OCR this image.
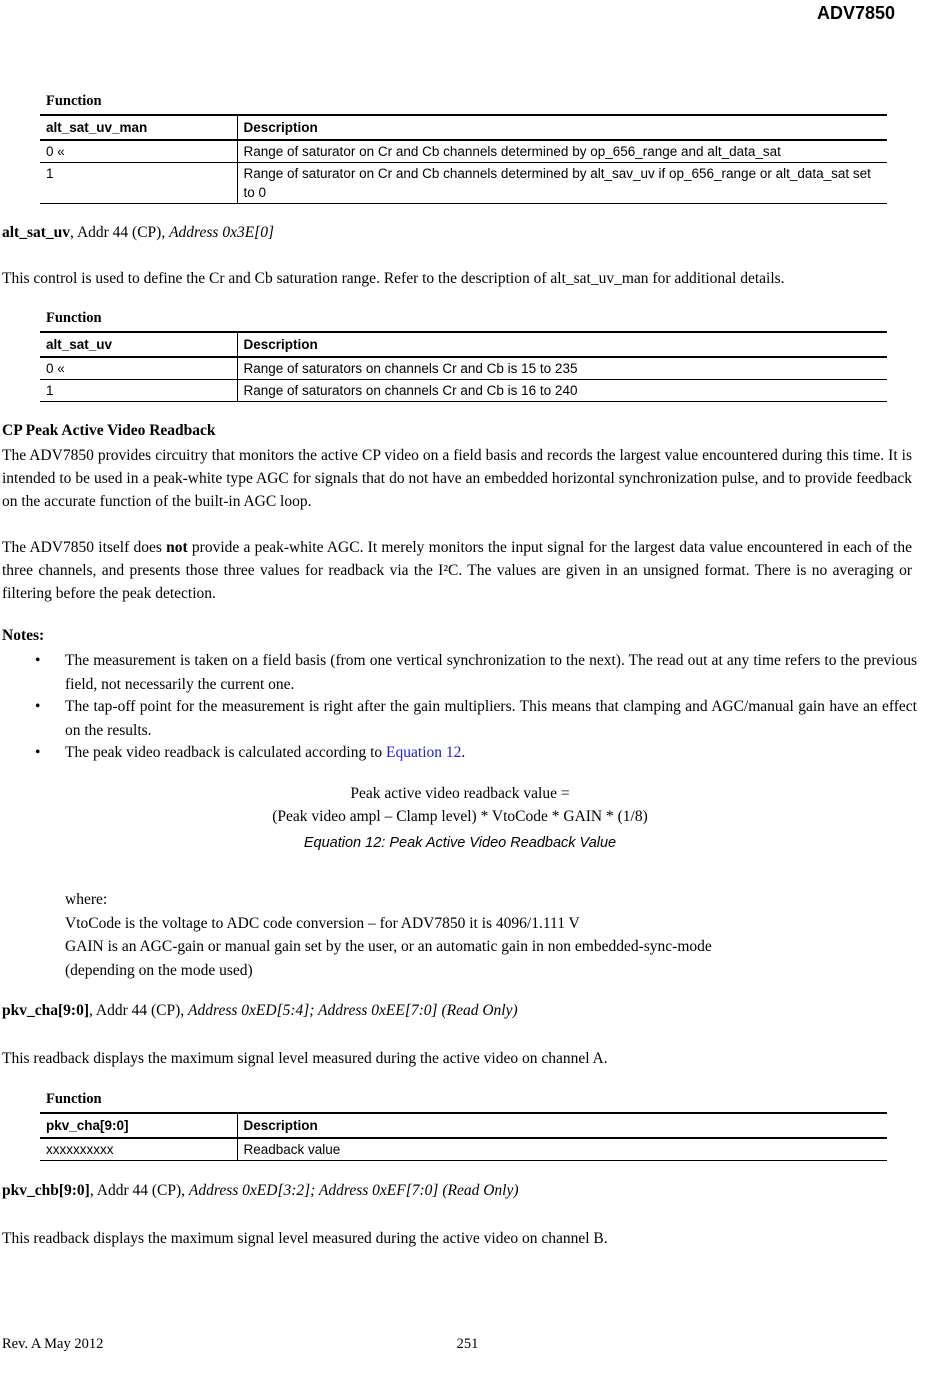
ADV7850
Function
alt_sat_uv_man	Description
0 «	Range of saturator on Cr and Cb channels determined by op_656_range and alt_data_sat
1	Range of saturator on Cr and Cb channels determined by alt_sav_uv if op_656_range or alt_data_sat set to 0
alt_sat_uv, Addr 44 (CP), Address 0x3E[0]
This control is used to define the Cr and Cb saturation range. Refer to the description of alt_sat_uv_man for additional details.
Function
alt_sat_uv	Description
0 «	Range of saturators on channels Cr and Cb is 15 to 235
1	Range of saturators on channels Cr and Cb is 16 to 240
CP Peak Active Video Readback
The ADV7850 provides circuitry that monitors the active CP video on a field basis and records the largest value encountered during this time. It is intended to be used in a peak-white type AGC for signals that do not have an embedded horizontal synchronization pulse, and to provide feedback on the accurate function of the built-in AGC loop.
The ADV7850 itself does not provide a peak-white AGC. It merely monitors the input signal for the largest data value encountered in each of the three channels, and presents those three values for readback via the I²C. The values are given in an unsigned format. There is no averaging or filtering before the peak detection.
Notes:
• The measurement is taken on a field basis (from one vertical synchronization to the next). The read out at any time refers to the previous field, not necessarily the current one.
• The tap-off point for the measurement is right after the gain multipliers. This means that clamping and AGC/manual gain have an effect on the results.
• The peak video readback is calculated according to Equation 12.
Peak active video readback value =
(Peak video ampl – Clamp level) * VtoCode * GAIN * (1/8)
Equation 12: Peak Active Video Readback Value
where:
VtoCode is the voltage to ADC code conversion – for ADV7850 it is 4096/1.111 V
GAIN is an AGC-gain or manual gain set by the user, or an automatic gain in non embedded-sync-mode
(depending on the mode used)
pkv_cha[9:0], Addr 44 (CP), Address 0xED[5:4]; Address 0xEE[7:0] (Read Only)
This readback displays the maximum signal level measured during the active video on channel A.
Function
pkv_cha[9:0]	Description
xxxxxxxxxx	Readback value
pkv_chb[9:0], Addr 44 (CP), Address 0xED[3:2]; Address 0xEF[7:0] (Read Only)
This readback displays the maximum signal level measured during the active video on channel B.
Rev. A May 2012	251
